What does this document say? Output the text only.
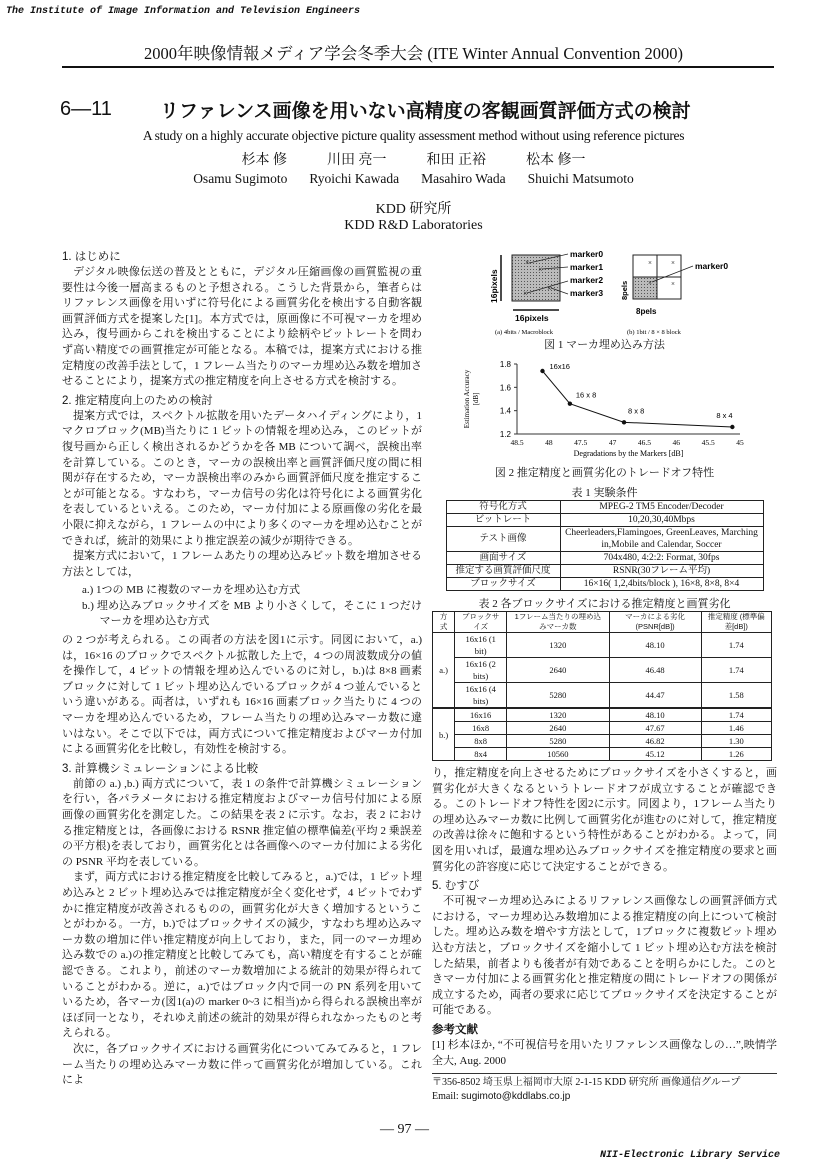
The Institute of Image Information and Television Engineers
2000年映像情報メディア学会冬季大会 (ITE Winter Annual Convention 2000)
6—11	リファレンス画像を用いない高精度の客観画質評価方式の検討
A study on a highly accurate objective picture quality assessment method without using reference pictures
杉本 修	川田 亮一	和田 正裕	松本 修一
Osamu Sugimoto Ryoichi Kawada Masahiro Wada Shuichi Matsumoto
KDD 研究所
KDD R&D Laboratories
1. はじめに

デジタル映像伝送の普及とともに，デジタル圧縮画像の画質監視の重要性は今後一層高まるものと予想される。こうした背景から，筆者らはリファレンス画像を用いずに符号化による画質劣化を検出する自動客観画質評価方式を提案した[1]。本方式では，原画像に不可視マーカを埋め込み，復号画からこれを検出することにより絵柄やビットレートを問わず高い精度での画質推定が可能となる。本稿では，提案方式における推定精度の改善手法として，1 フレーム当たりのマーカ埋め込み数を増加させることにより，提案方式の推定精度を向上させる方式を検討する。

2. 推定精度向上のための検討

提案方式では，スペクトル拡散を用いたデータハイディングにより，1 マクロブロック(MB)当たりに 1 ビットの情報を埋め込み，このビットが復号画から正しく検出されるかどうかを各 MB について調べ，誤検出率を計算している。このとき，マーカの誤検出率と画質評価尺度の間に相関が存在するため，マーカ誤検出率のみから画質評価尺度を推定することが可能となる。すなわち，マーカ信号の劣化は符号化による画質劣化を表しているといえる。このため，マーカ付加による原画像の劣化を最小限に抑えながら，1 フレームの中により多くのマーカを埋め込むことができれば，統計的効果により推定誤差の減少が期待できる。

提案方式において，1 フレームあたりの埋め込みビット数を増加させる方法としては，

a.) 1つの MB に複数のマーカを埋め込む方式
b.) 埋め込みブロックサイズを MB より小さくして，そこに 1 つだけマーカを埋め込む方式

の 2 つが考えられる。この両者の方法を図1に示す。同図において，a.)は，16×16 のブロックでスペクトル拡散した上で，4 つの周波数成分の値を操作して，4 ビットの情報を埋め込んでいるのに対し，b.)は 8×8 画素ブロックに対して 1 ビット埋め込んでいるブロックが 4 つ並んでいるという違いがある。両者は，いずれも 16×16 画素ブロック当たりに 4 つのマーカを埋め込んでいるため，フレーム当たりの埋め込みマーカ数に違いはない。そこで以下では，両方式について推定精度およびマーカ付加による画質劣化を比較し，有効性を検討する。

3. 計算機シミュレーションによる比較

前節の a.) ,b.) 両方式について，表 1 の条件で計算機シミュレーションを行い，各パラメータにおける推定精度およびマーカ信号付加による原画像の画質劣化を測定した。この結果を表 2 に示す。なお，表 2 における推定精度とは，各画像における RSNR 推定値の標準偏差(平均 2 乗誤差の平方根)を表しており，画質劣化とは各画像へのマーカ付加による劣化の PSNR 平均を表している。

まず，両方式における推定精度を比較してみると，a.)では，1 ビット埋め込みと 2 ビット埋め込みでは推定精度が全く変化せず，4 ビットでわずかに推定精度が改善されるものの，画質劣化が大きく増加するということがわかる。一方，b.)ではブロックサイズの減少，すなわち埋め込みマーカ数の増加に伴い推定精度が向上しており，また，同一のマーカ埋め込み数での a.)の推定精度と比較してみても，高い精度を有することが確認できる。これより，前述のマーカ数増加による統計的効果が得られていることがわかる。逆に，a.)ではブロック内で同一の PN 系列を用いているため，各マーカ(図1(a)の marker 0~3 に相当)から得られる誤検出率がほぼ同一となり，それゆえ前述の統計的効果が得られなかったものと考えられる。

次に，各ブロックサイズにおける画質劣化についてみてみると，1 フレーム当たりの埋め込みマーカ数に伴って画質劣化が増加している。これによ

×
×
×
×
marker0
marker1
marker2
marker3
16pixels
16pixels
marker0
8pels
8pels
×	×
×	×
(a) 4bits / Macroblock	(b) 1bit / 8 × 8 block
図 1 マーカ埋め込み方法
1.2
1.4
1.6
1.8
48.5	48	47.5	47	46.5	46	45.5	45
Degradations by the Markers [dB]
Estimation Accuracy[dB]
16x16
16 x 8
8 x 8
8 x 4
図 2 推定精度と画質劣化のトレードオフ特性
表 1 実験条件
符号化方式	MPEG-2 TM5 Encoder/Decoder
ビットレート	10,20,30,40Mbps
テスト画像	Cheerleaders,Flamingoes, GreenLeaves, Marching in,Mobile and Calendar, Soccer
画面サイズ	704x480, 4:2:2: Format, 30fps
推定する画質評価尺度	RSNR(30フレーム平均)
ブロックサイズ	16×16( 1,2,4bits/block ), 16×8, 8×8, 8×4
表 2 各ブロックサイズにおける推定精度と画質劣化
方式	ブロックサイズ	1フレーム当たりの埋め込みマーカ数	マーカによる劣化 (PSNR[dB])	推定精度 (標準偏差[dB])
a.)	16x16 (1 bit)	1320	48.10	1.74
	16x16 (2 bits)	2640	46.48	1.74
	16x16 (4 bits)	5280	44.47	1.58
b.)	16x16	1320	48.10	1.74
	16x8	2640	47.67	1.46
	8x8	5280	46.82	1.30
	8x4	10560	45.12	1.26

り，推定精度を向上させるためにブロックサイズを小さくすると，画質劣化が大きくなるというトレードオフが成立することが確認できる。このトレードオフ特性を図2に示す。同図より，1フレーム当たりの埋め込みマーカ数に比例して画質劣化が進むのに対して，推定精度の改善は徐々に飽和するという特性があることがわかる。よって，同図を用いれば，最適な埋め込みブロックサイズを推定精度の要求と画質劣化の許容度に応じて決定することができる。

5. むすび

不可視マーカ埋め込みによるリファレンス画像なしの画質評価方式における，マーカ埋め込み数増加による推定精度の向上について検討した。埋め込み数を増やす方法として，1ブロックに複数ビット埋め込む方法と，ブロックサイズを縮小して 1 ビット埋め込む方法を検討した結果，前者よりも後者が有効であることを明らかにした。このときマーカ付加による画質劣化と推定精度の間にトレードオフの関係が成立するため，両者の要求に応じてブロックサイズを決定することが可能である。

参考文献
[1] 杉本ほか, “不可視信号を用いたリファレンス画像なしの…”,映情学全大, Aug. 2000
〒356-8502 埼玉県上福岡市大原 2-1-15 KDD 研究所 画像通信グループ
Email: sugimoto@kddlabs.co.jp
— 97 —
NII-Electronic Library Service
